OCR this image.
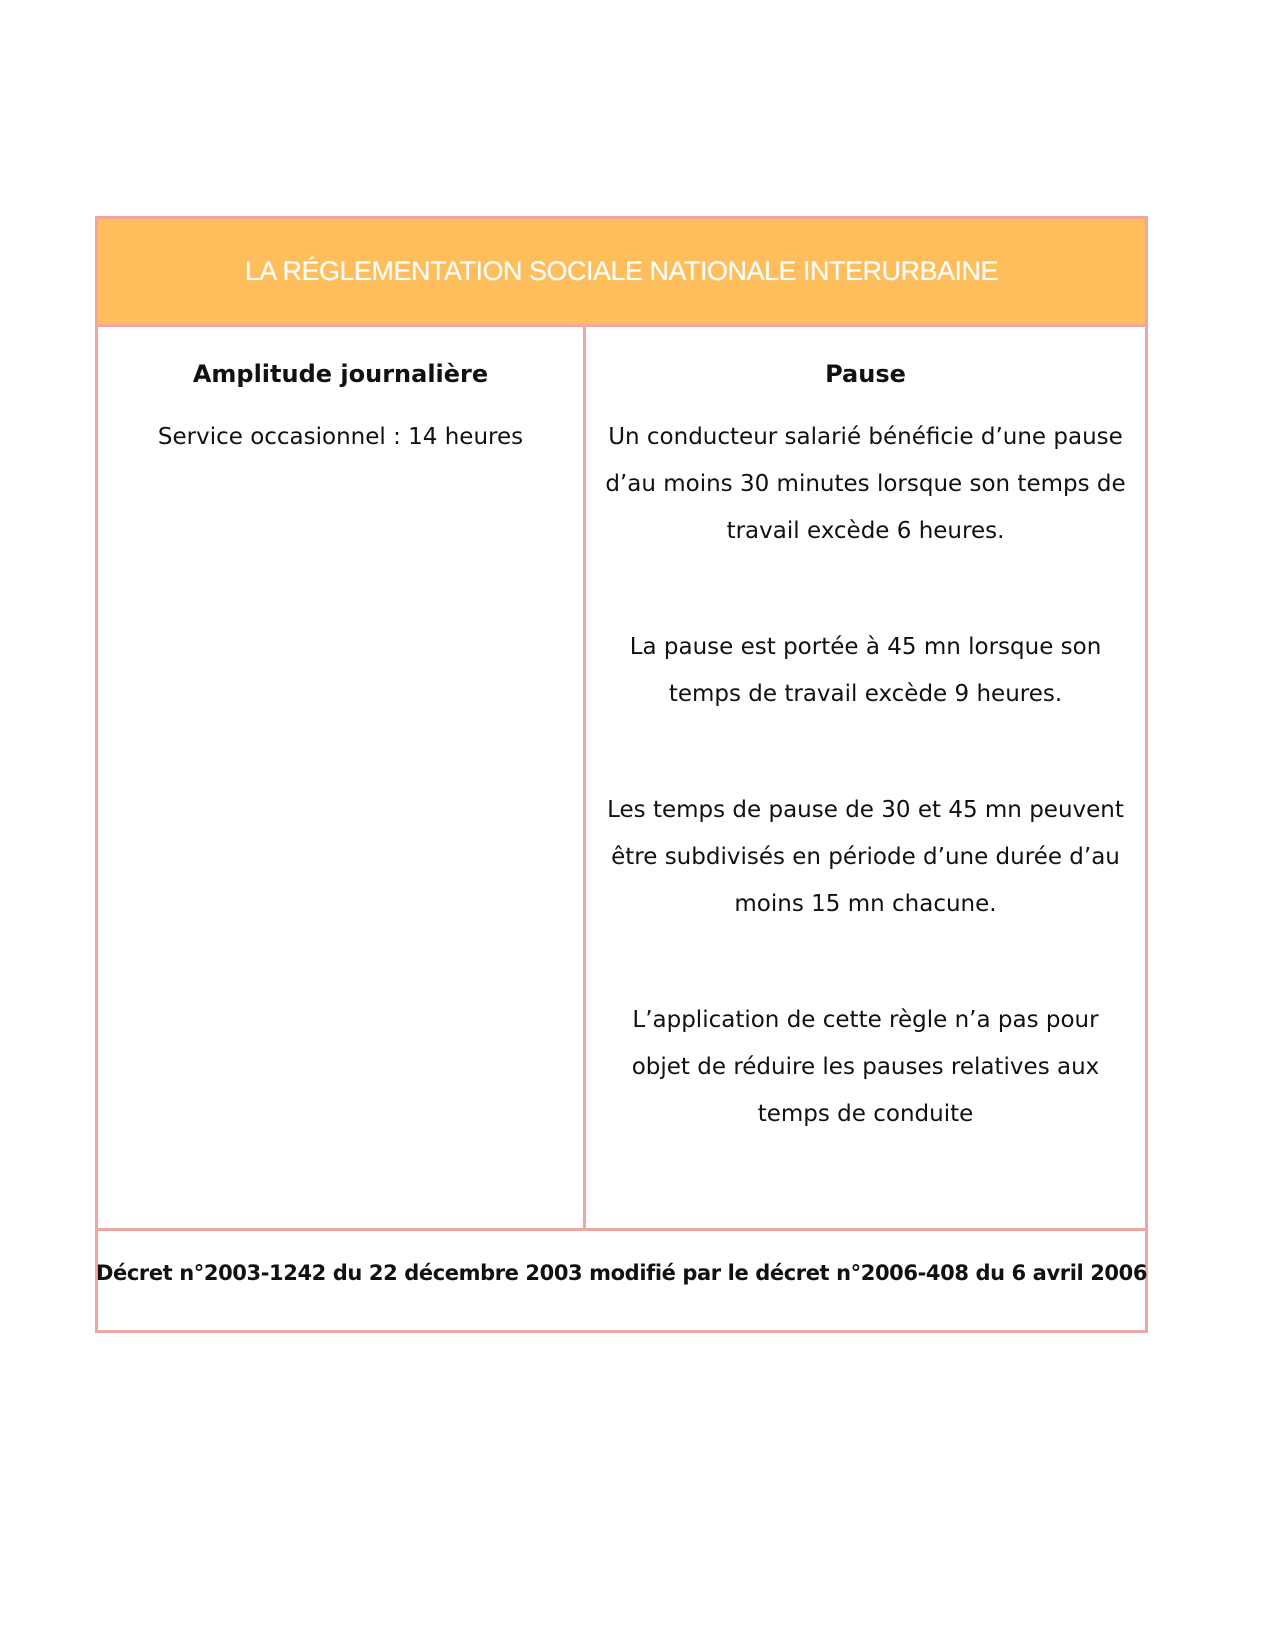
LA RÉGLEMENTATION SOCIALE NATIONALE INTERURBAINE
Amplitude journalière
Service occasionnel : 14 heures
Pause

Un conducteur salarié bénéficie d’une pause d’au moins 30 minutes lorsque son temps de travail excède 6 heures.

La pause est portée à 45 mn lorsque son temps de travail excède 9 heures.

Les temps de pause de 30 et 45 mn peuvent être subdivisés en période d’une durée d’au moins 15 mn chacune.

L’application de cette règle n’a pas pour objet de réduire les pauses relatives aux temps de conduite

Décret n°2003-1242 du 22 décembre 2003 modifié par le décret n°2006-408 du 6 avril 2006
